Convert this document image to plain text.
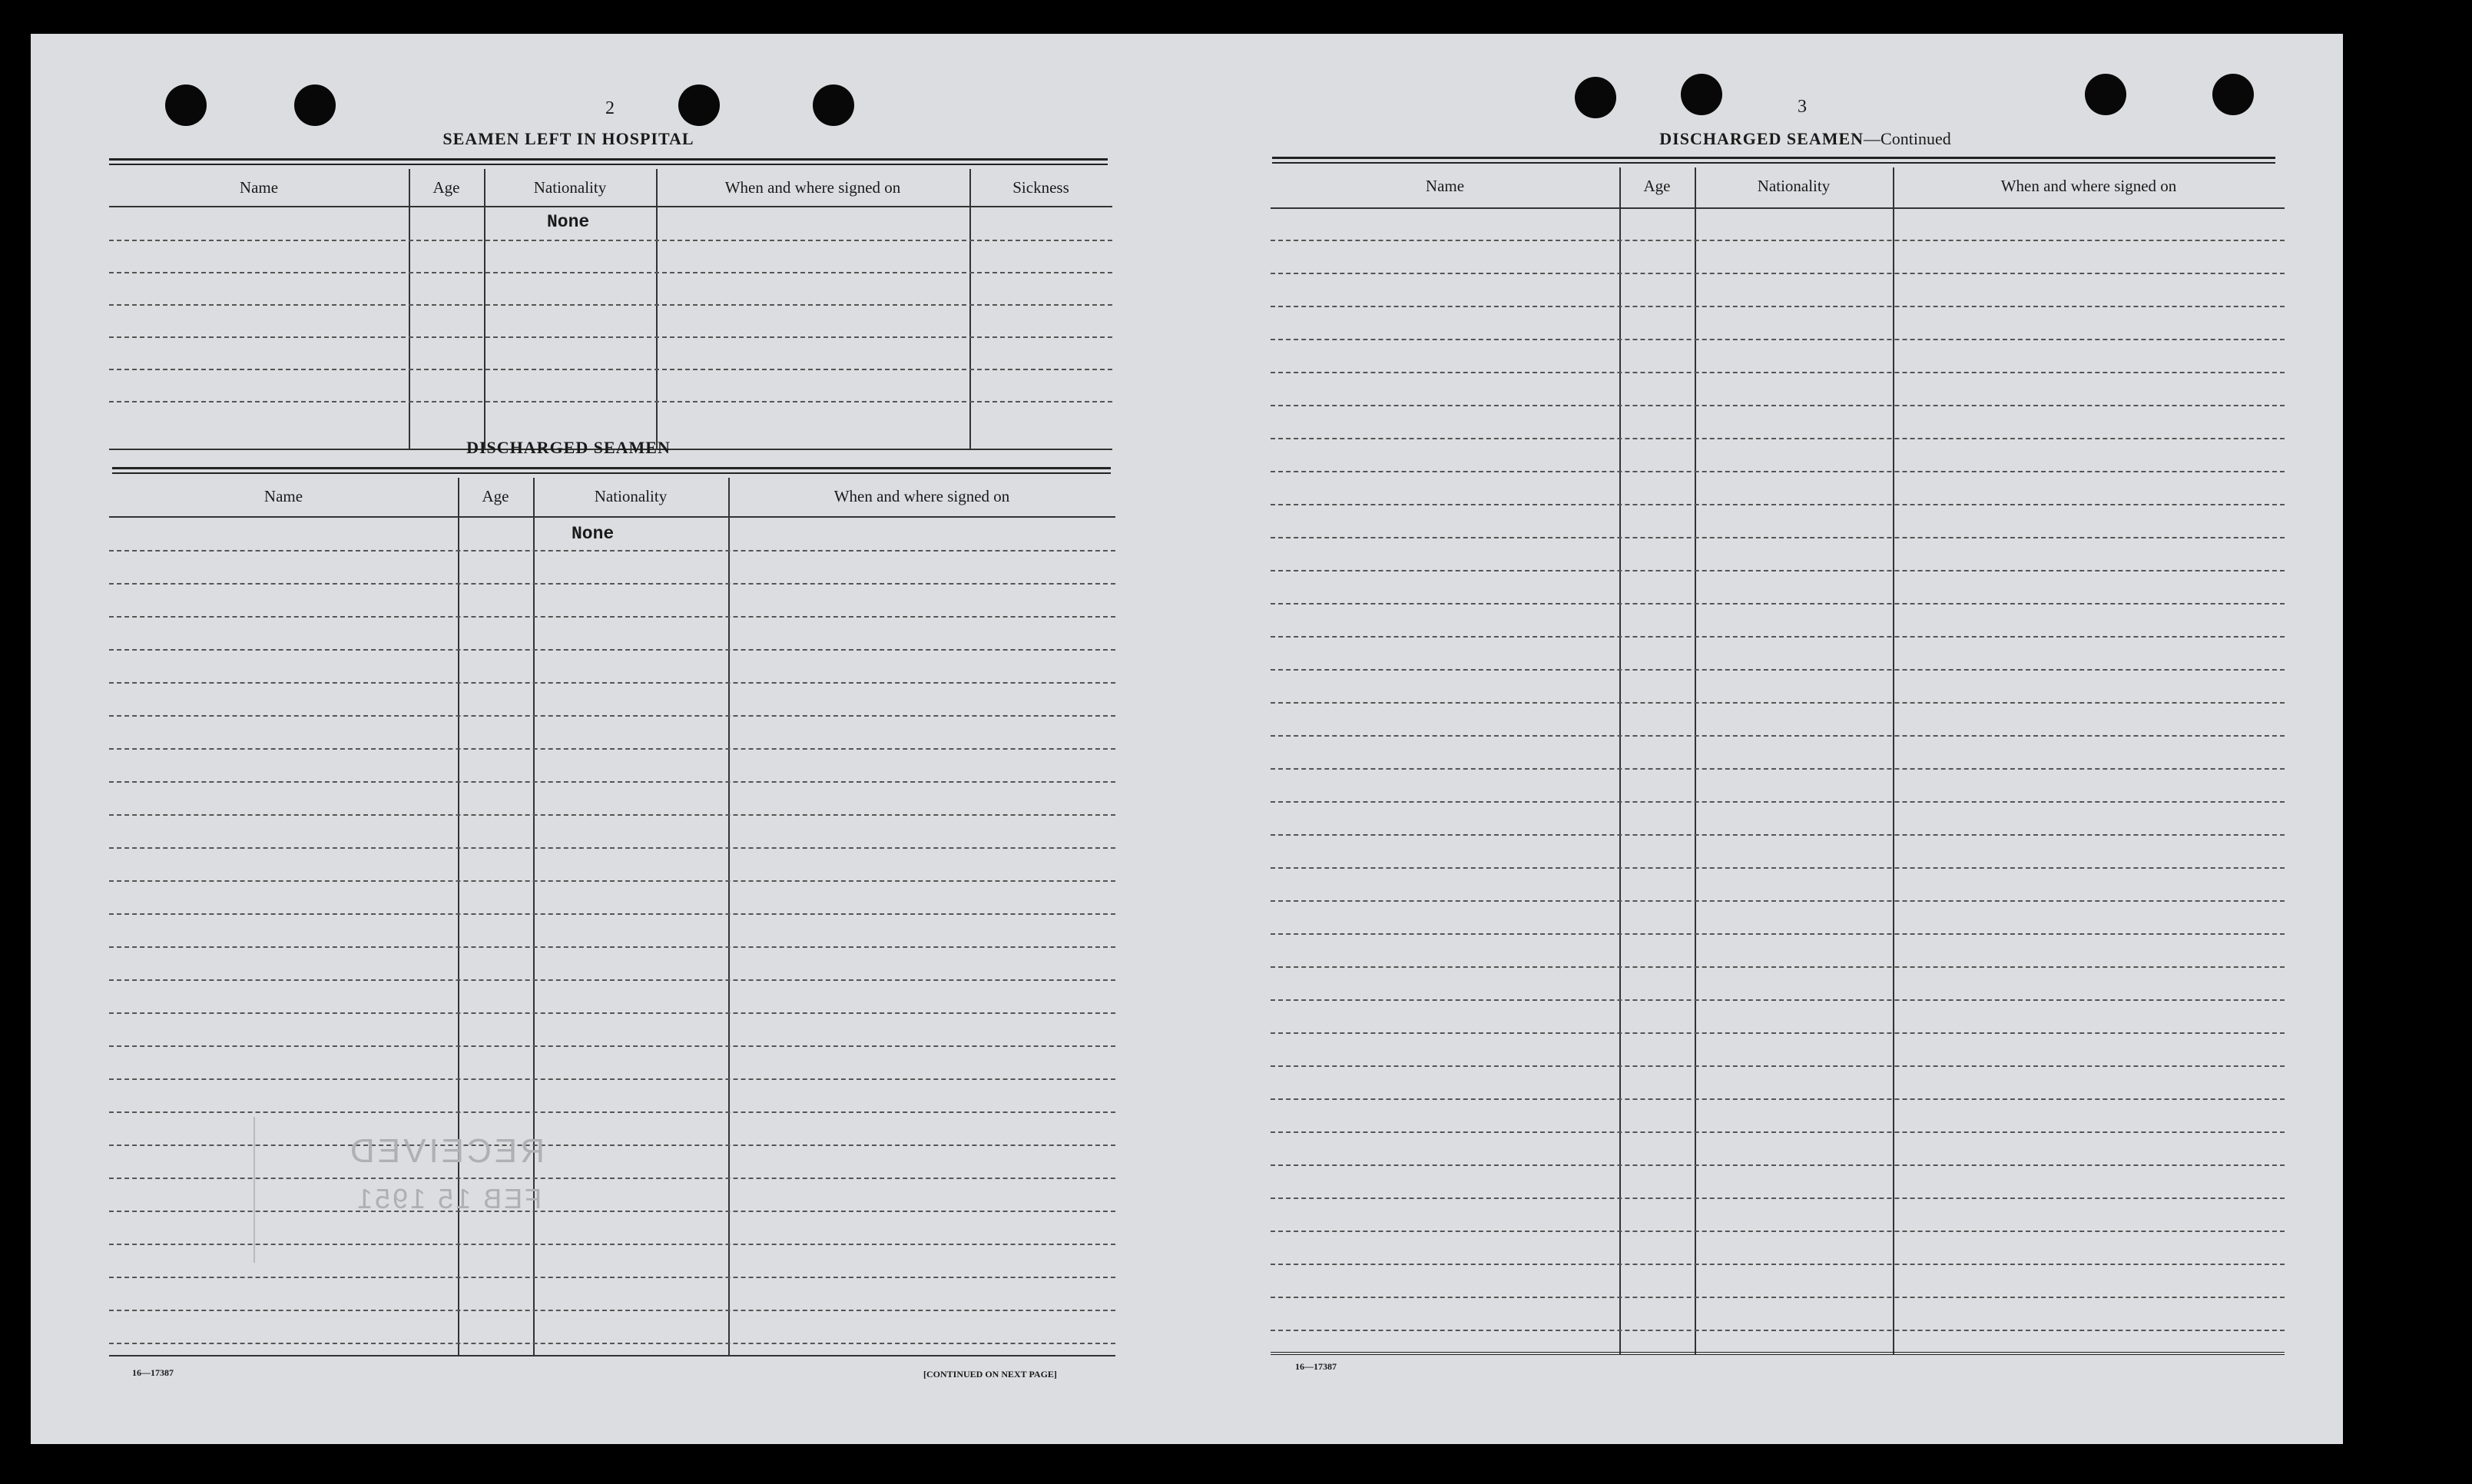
2
SEAMEN LEFT IN HOSPITAL
Name	Age	Nationality	When and where signed on	Sickness
None
DISCHARGED SEAMEN
Name	Age	Nationality	When and where signed on
None
RECEIVED
FEB 15 1951
16—17387	[CONTINUED ON NEXT PAGE]
3
DISCHARGED SEAMEN—Continued
Name	Age	Nationality	When and where signed on
16—17387
